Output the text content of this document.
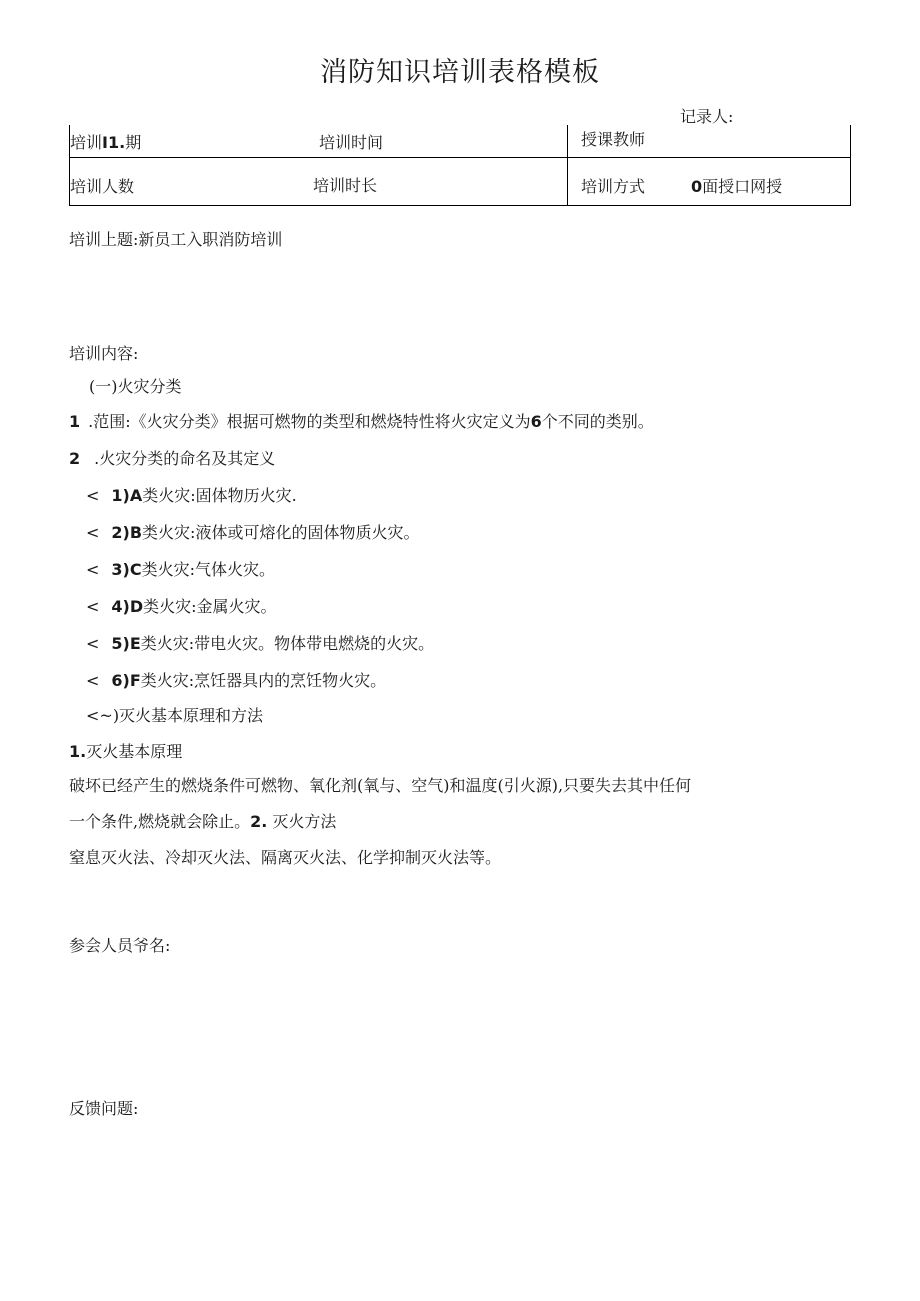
消防知识培训表格模板
记录人:
培训I1.期	培训时间	授课教师
培训人数	培训时长	培训方式	0面授口网授
培训上题:新员工入职消防培训
培训内容:
(一)火灾分类
1 .范围:《火灾分类》根据可燃物的类型和燃烧特性将火灾定义为6个不同的类别。
2 .火灾分类的命名及其定义
< 1)A类火灾:固体物历火灾.
< 2)B类火灾:液体或可熔化的固体物质火灾。
< 3)C类火灾:气体火灾。
< 4)D类火灾:金属火灾。
< 5)E类火灾:带电火灾。物体带电燃烧的火灾。
< 6)F类火灾:烹饪器具内的烹饪物火灾。
<~)灭火基本原理和方法
1.灭火基本原理
破坏已经产生的燃烧条件可燃物、氧化剂(氧与、空气)和温度(引火源),只要失去其中任何
一个条件,燃烧就会除止。2. 灭火方法
窒息灭火法、冷却灭火法、隔离灭火法、化学抑制灭火法等。
参会人员爷名:
反馈问题:
